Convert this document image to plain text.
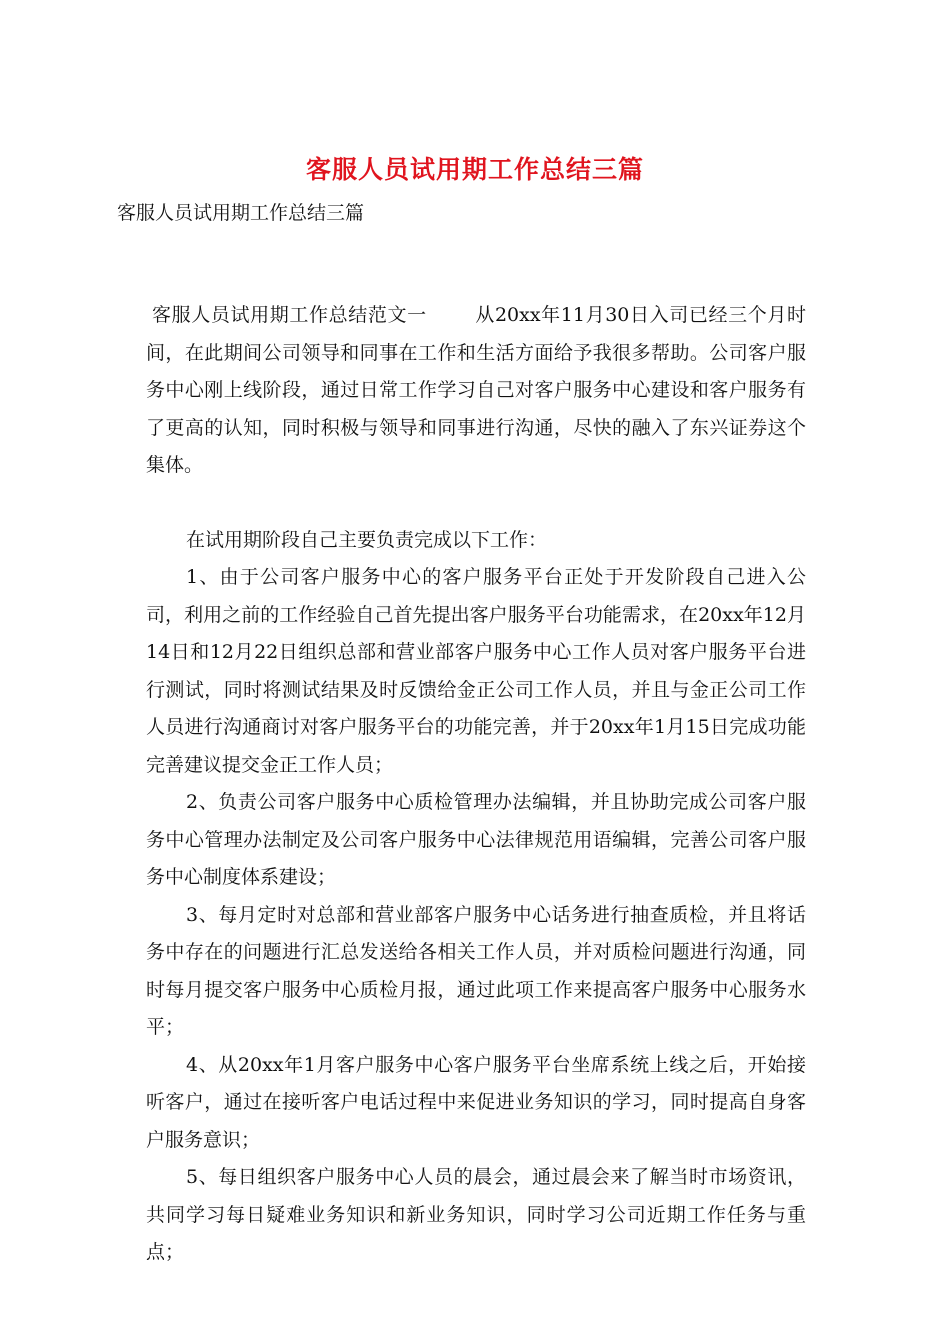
客服人员试用期工作总结三篇
客服人员试用期工作总结三篇

客服人员试用期工作总结范文一	从20xx年11月30日入司已经三个月时间，在此期间公司领导和同事在工作和生活方面给予我很多帮助。公司客户服务中心刚上线阶段，通过日常工作学习自己对客户服务中心建设和客户服务有了更高的认知，同时积极与领导和同事进行沟通，尽快的融入了东兴证券这个集体。

在试用期阶段自己主要负责完成以下工作：

1、由于公司客户服务中心的客户服务平台正处于开发阶段自己进入公司，利用之前的工作经验自己首先提出客户服务平台功能需求，在20xx年12月14日和12月22日组织总部和营业部客户服务中心工作人员对客户服务平台进行测试，同时将测试结果及时反馈给金正公司工作人员，并且与金正公司工作人员进行沟通商讨对客户服务平台的功能完善，并于20xx年1月15日完成功能完善建议提交金正工作人员；

2、负责公司客户服务中心质检管理办法编辑，并且协助完成公司客户服务中心管理办法制定及公司客户服务中心法律规范用语编辑，完善公司客户服务中心制度体系建设；

3、每月定时对总部和营业部客户服务中心话务进行抽查质检，并且将话务中存在的问题进行汇总发送给各相关工作人员，并对质检问题进行沟通，同时每月提交客户服务中心质检月报，通过此项工作来提高客户服务中心服务水平；

4、从20xx年1月客户服务中心客户服务平台坐席系统上线之后，开始接听客户，通过在接听客户电话过程中来促进业务知识的学习，同时提高自身客户服务意识；

5、每日组织客户服务中心人员的晨会，通过晨会来了解当时市场资讯，共同学习每日疑难业务知识和新业务知识，同时学习公司近期工作任务与重点；
